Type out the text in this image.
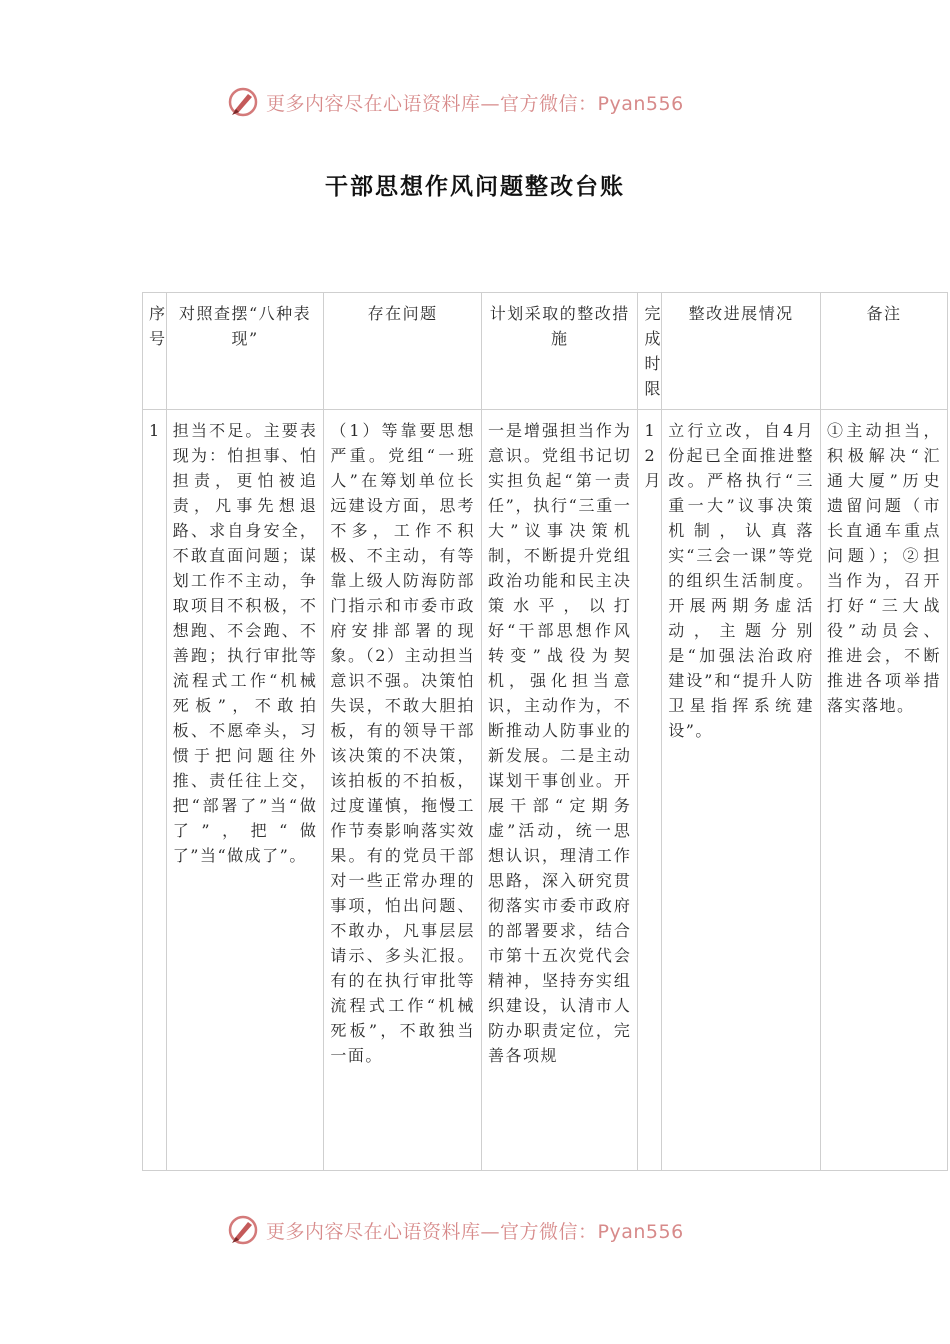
更多内容尽在心语资料库—官方微信：Pyan556
干部思想作风问题整改台账
序号	对照查摆“八种表现”	存在问题	计划采取的整改措施	完成时限	整改进展情况	备注
1	担当不足。主要表现为：怕担事、怕担责，更怕被追责，凡事先想退路、求自身安全，不敢直面问题；谋划工作不主动，争取项目不积极，不想跑、不会跑、不善跑；执行审批等流程式工作“机械死板”，不敢拍板、不愿牵头，习惯于把问题往外推、责任往上交，把“部署了”当“做了”，把“做了”当“做成了”。	（1）等靠要思想严重。党组“一班人”在筹划单位长远建设方面，思考不多，工作不积极、不主动，有等靠上级人防海防部门指示和市委市政府安排部署的现象。（2）主动担当意识不强。决策怕失误，不敢大胆拍板，有的领导干部该决策的不决策，该拍板的不拍板，过度谨慎，拖慢工作节奏影响落实效果。有的党员干部对一些正常办理的事项，怕出问题、不敢办，凡事层层请示、多头汇报。有的在执行审批等流程式工作“机械死板”，不敢独当一面。	一是增强担当作为意识。党组书记切实担负起“第一责任”，执行“三重一大”议事决策机制，不断提升党组政治功能和民主决策水平，以打好“干部思想作风转变”战役为契机，强化担当意识，主动作为，不断推动人防事业的新发展。二是主动谋划干事创业。开展干部“定期务虚”活动，统一思想认识，理清工作思路，深入研究贯彻落实市委市政府的部署要求，结合市第十五次党代会精神，坚持夯实组织建设，认清市人防办职责定位，完善各项规	12月	立行立改，自4月份起已全面推进整改。严格执行“三重一大”议事决策机制，认真落实“三会一课”等党的组织生活制度。开展两期务虚活动，主题分别是“加强法治政府建设”和“提升人防卫星指挥系统建设”。	①主动担当，积极解决“汇通大厦”历史遗留问题（市长直通车重点问题）；②担当作为，召开打好“三大战役”动员会、推进会，不断推进各项举措落实落地。
更多内容尽在心语资料库—官方微信：Pyan556
